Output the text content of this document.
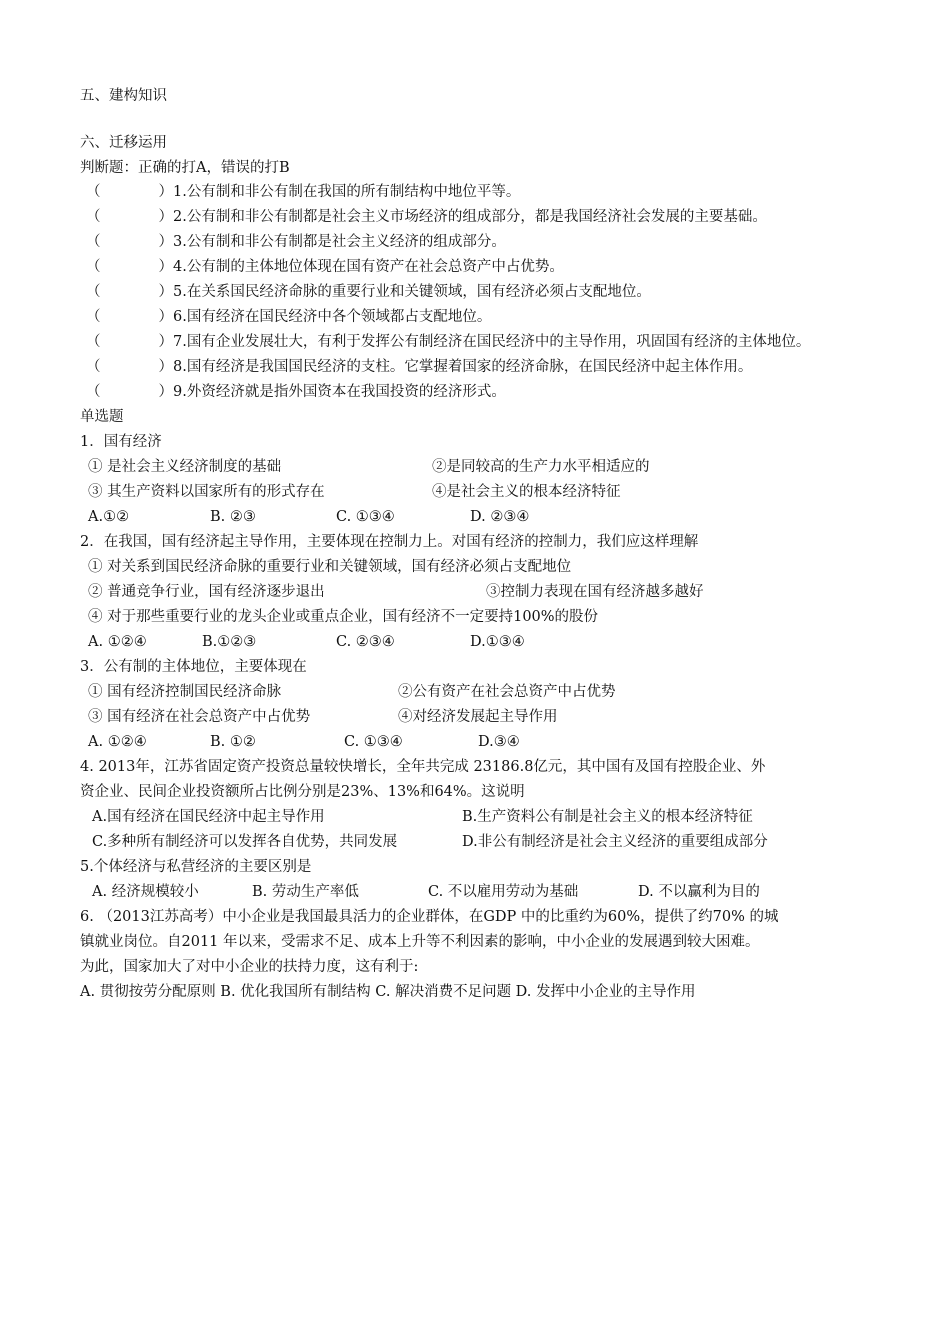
五、建构知识
六、迁移运用
判断题：正确的打A，错误的打B
（	）1.公有制和非公有制在我国的所有制结构中地位平等。
（	）2.公有制和非公有制都是社会主义市场经济的组成部分，都是我国经济社会发展的主要基础。
（	）3.公有制和非公有制都是社会主义经济的组成部分。
（	）4.公有制的主体地位体现在国有资产在社会总资产中占优势。
（	）5.在关系国民经济命脉的重要行业和关键领域，国有经济必须占支配地位。
（	）6.国有经济在国民经济中各个领域都占支配地位。
（	）7.国有企业发展壮大，有利于发挥公有制经济在国民经济中的主导作用，巩固国有经济的主体地位。
（	）8.国有经济是我国国民经济的支柱。它掌握着国家的经济命脉，在国民经济中起主体作用。
（	）9.外资经济就是指外国资本在我国投资的经济形式。
单选题
1．国有经济
① 是社会主义经济制度的基础	②是同较高的生产力水平相适应的
③ 其生产资料以国家所有的形式存在	④是社会主义的根本经济特征
A.①②	B. ②③	C. ①③④	D. ②③④
2．在我国，国有经济起主导作用，主要体现在控制力上。对国有经济的控制力，我们应这样理解
① 对关系到国民经济命脉的重要行业和关键领域，国有经济必须占支配地位
② 普通竞争行业，国有经济逐步退出	③控制力表现在国有经济越多越好
④ 对于那些重要行业的龙头企业或重点企业，国有经济不一定要持100%的股份
A. ①②④	B.①②③	C. ②③④	D.①③④
3．公有制的主体地位，主要体现在
① 国有经济控制国民经济命脉	②公有资产在社会总资产中占优势
③ 国有经济在社会总资产中占优势	④对经济发展起主导作用
A. ①②④	B. ①②	C. ①③④	D.③④
4. 2013年，江苏省固定资产投资总量较快增长，全年共完成 23186.8亿元，其中国有及国有控股企业、外
资企业、民间企业投资额所占比例分别是23%、13%和64%。这说明
A.国有经济在国民经济中起主导作用	B.生产资料公有制是社会主义的根本经济特征
C.多种所有制经济可以发挥各自优势，共同发展	D.非公有制经济是社会主义经济的重要组成部分
5.个体经济与私营经济的主要区别是
A. 经济规模较小	B. 劳动生产率低	C. 不以雇用劳动为基础	D. 不以赢利为目的
6. （2013江苏高考）中小企业是我国最具活力的企业群体，在GDP 中的比重约为60%，提供了约70% 的城
镇就业岗位。自2011 年以来，受需求不足、成本上升等不利因素的影响，中小企业的发展遇到较大困难。
为此，国家加大了对中小企业的扶持力度，这有利于:
A. 贯彻按劳分配原则 B. 优化我国所有制结构 C. 解决消费不足问题 D. 发挥中小企业的主导作用
